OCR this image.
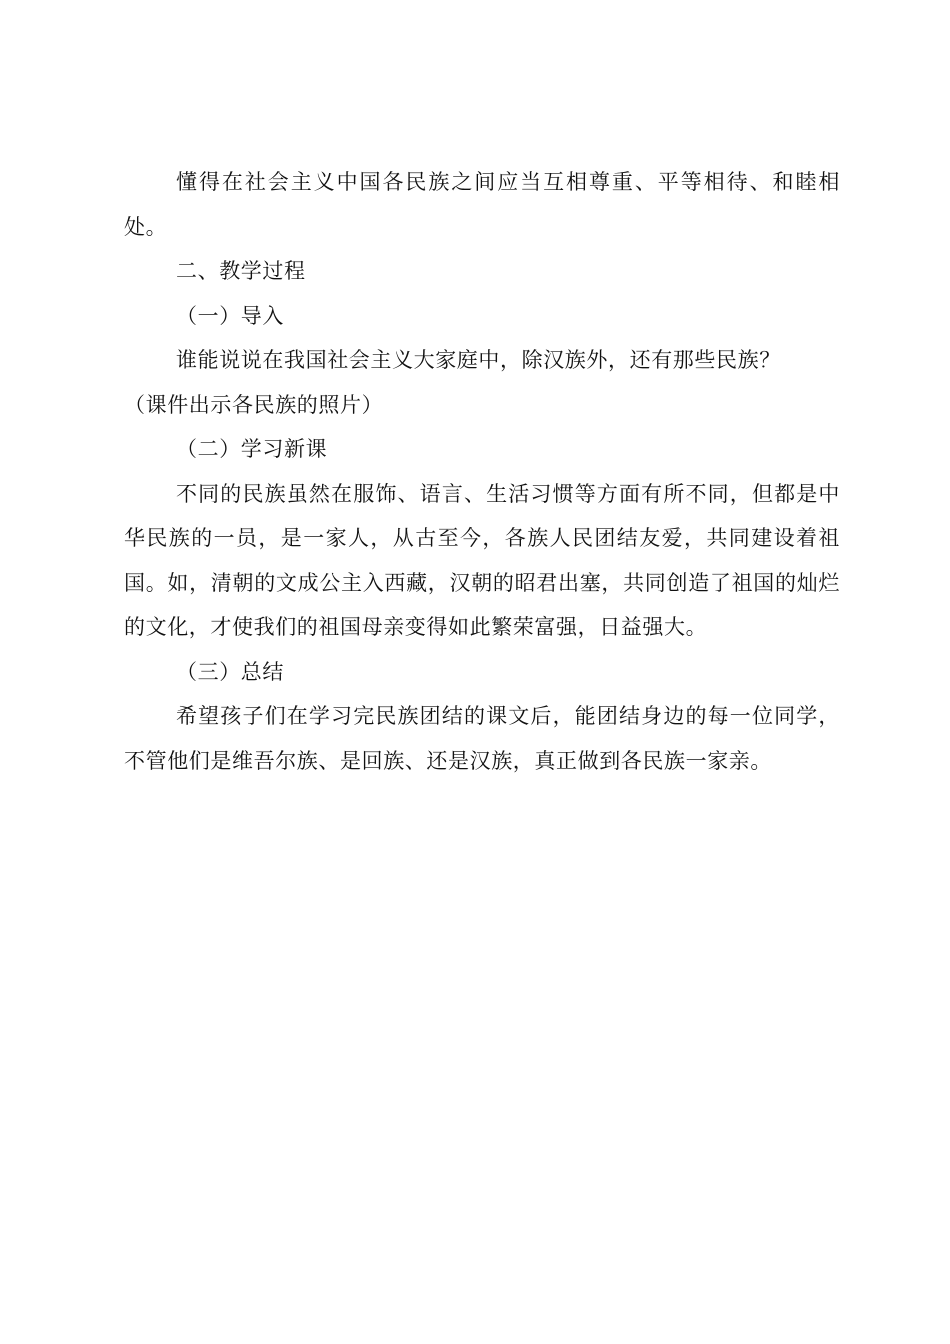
懂得在社会主义中国各民族之间应当互相尊重、平等相待、和睦相处。

二、教学过程

（一）导入

谁能说说在我国社会主义大家庭中，除汉族外，还有那些民族？

（课件出示各民族的照片）

（二）学习新课

不同的民族虽然在服饰、语言、生活习惯等方面有所不同，但都是中华民族的一员，是一家人，从古至今，各族人民团结友爱，共同建设着祖国。如，清朝的文成公主入西藏，汉朝的昭君出塞，共同创造了祖国的灿烂的文化，才使我们的祖国母亲变得如此繁荣富强，日益强大。

（三）总结

希望孩子们在学习完民族团结的课文后，能团结身边的每一位同学，不管他们是维吾尔族、是回族、还是汉族，真正做到各民族一家亲。
